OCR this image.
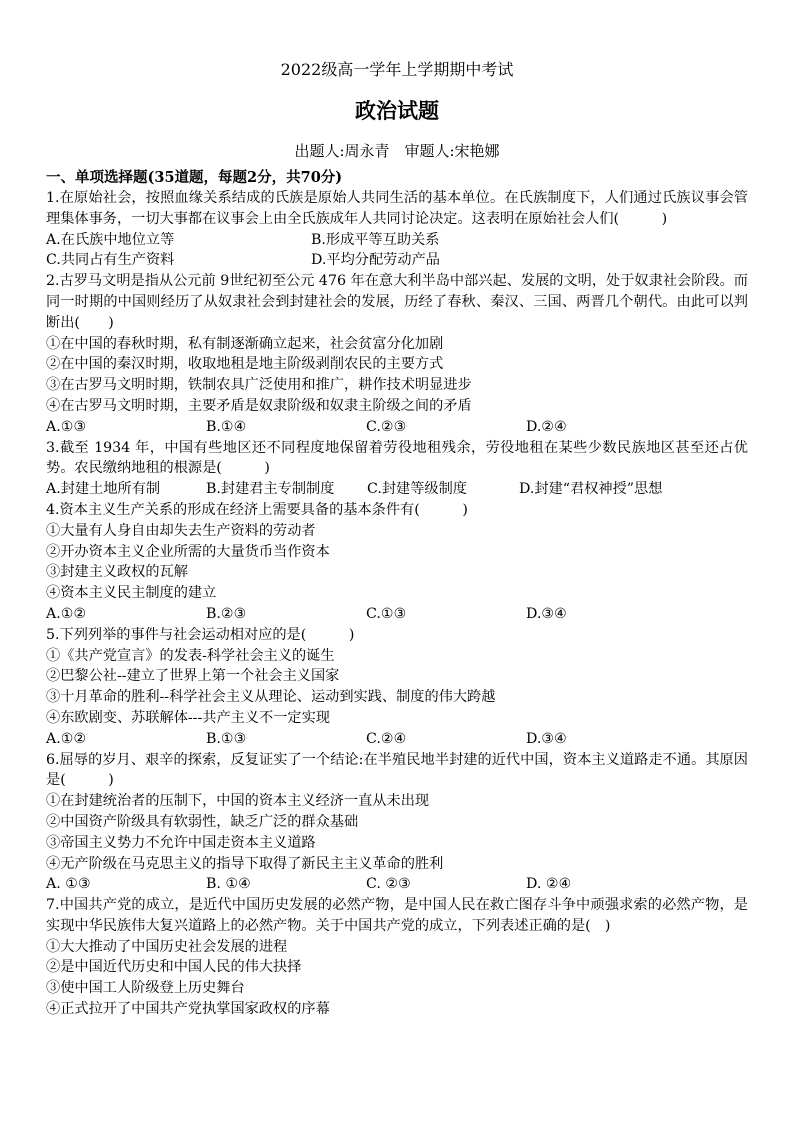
2022级高一学年上学期期中考试
政治试题
出题人:周永青　审题人:宋艳娜
一、单项选择题(35道题，每题2分，共70分)
1.在原始社会，按照血缘关系结成的氏族是原始人共同生活的基本单位。在氏族制度下，人们通过氏族议事会管理集体事务，一切大事都在议事会上由全氏族成年人共同讨论决定。这表明在原始社会人们(　　　)
A.在氏族中地位立等	B.形成平等互助关系
C.共同占有生产资料	D.平均分配劳动产品
2.古罗马文明是指从公元前 9世纪初至公元 476 年在意大利半岛中部兴起、发展的文明，处于奴隶社会阶段。而同一时期的中国则经历了从奴隶社会到封建社会的发展，历经了春秋、秦汉、三国、两晋几个朝代。由此可以判断出(　　)
①在中国的春秋时期，私有制逐渐确立起来，社会贫富分化加剧
②在中国的秦汉时期，收取地租是地主阶级剥削农民的主要方式
③在古罗马文明时期，铁制农具广泛使用和推广，耕作技术明显进步
④在古罗马文明时期，主要矛盾是奴隶阶级和奴隶主阶级之间的矛盾
A.①③	B.①④	C.②③	D.②④
3.截至 1934 年，中国有些地区还不同程度地保留着劳役地租残余，劳役地租在某些少数民族地区甚至还占优势。农民缴纳地租的根源是(　　　)
A.封建土地所有制	B.封建君主专制制度	C.封建等级制度	D.封建“君权神授”思想
4.资本主义生产关系的形成在经济上需要具备的基本条件有(　　　)
①大量有人身自由却失去生产资料的劳动者
②开办资本主义企业所需的大量货币当作资本
③封建主义政权的瓦解
④资本主义民主制度的建立
A.①②	B.②③	C.①③	D.③④
5.下列列举的事件与社会运动相对应的是(　　　)
①《共产党宣言》的发表-科学社会主义的诞生
②巴黎公社--建立了世界上第一个社会主义国家
③十月革命的胜利--科学社会主义从理论、运动到实践、制度的伟大跨越
④东欧剧变、苏联解体---共产主义不一定实现
A.①②	B.①③	C.②④	D.③④
6.屈辱的岁月、艰辛的探索，反复证实了一个结论:在半殖民地半封建的近代中国，资本主义道路走不通。其原因是(　　　)
①在封建统治者的压制下，中国的资本主义经济一直从未出现
②中国资产阶级具有软弱性，缺乏广泛的群众基础
③帝国主义势力不允许中国走资本主义道路
④无产阶级在马克思主义的指导下取得了新民主主义革命的胜利
A. ①③	B. ①④	C. ②③	D. ②④
7.中国共产党的成立，是近代中国历史发展的必然产物，是中国人民在救亡图存斗争中顽强求索的必然产物，是实现中华民族伟大复兴道路上的必然产物。关于中国共产党的成立，下列表述正确的是(　)
①大大推动了中国历史社会发展的进程
②是中国近代历史和中国人民的伟大抉择
③使中国工人阶级登上历史舞台
④正式拉开了中国共产党执掌国家政权的序幕
